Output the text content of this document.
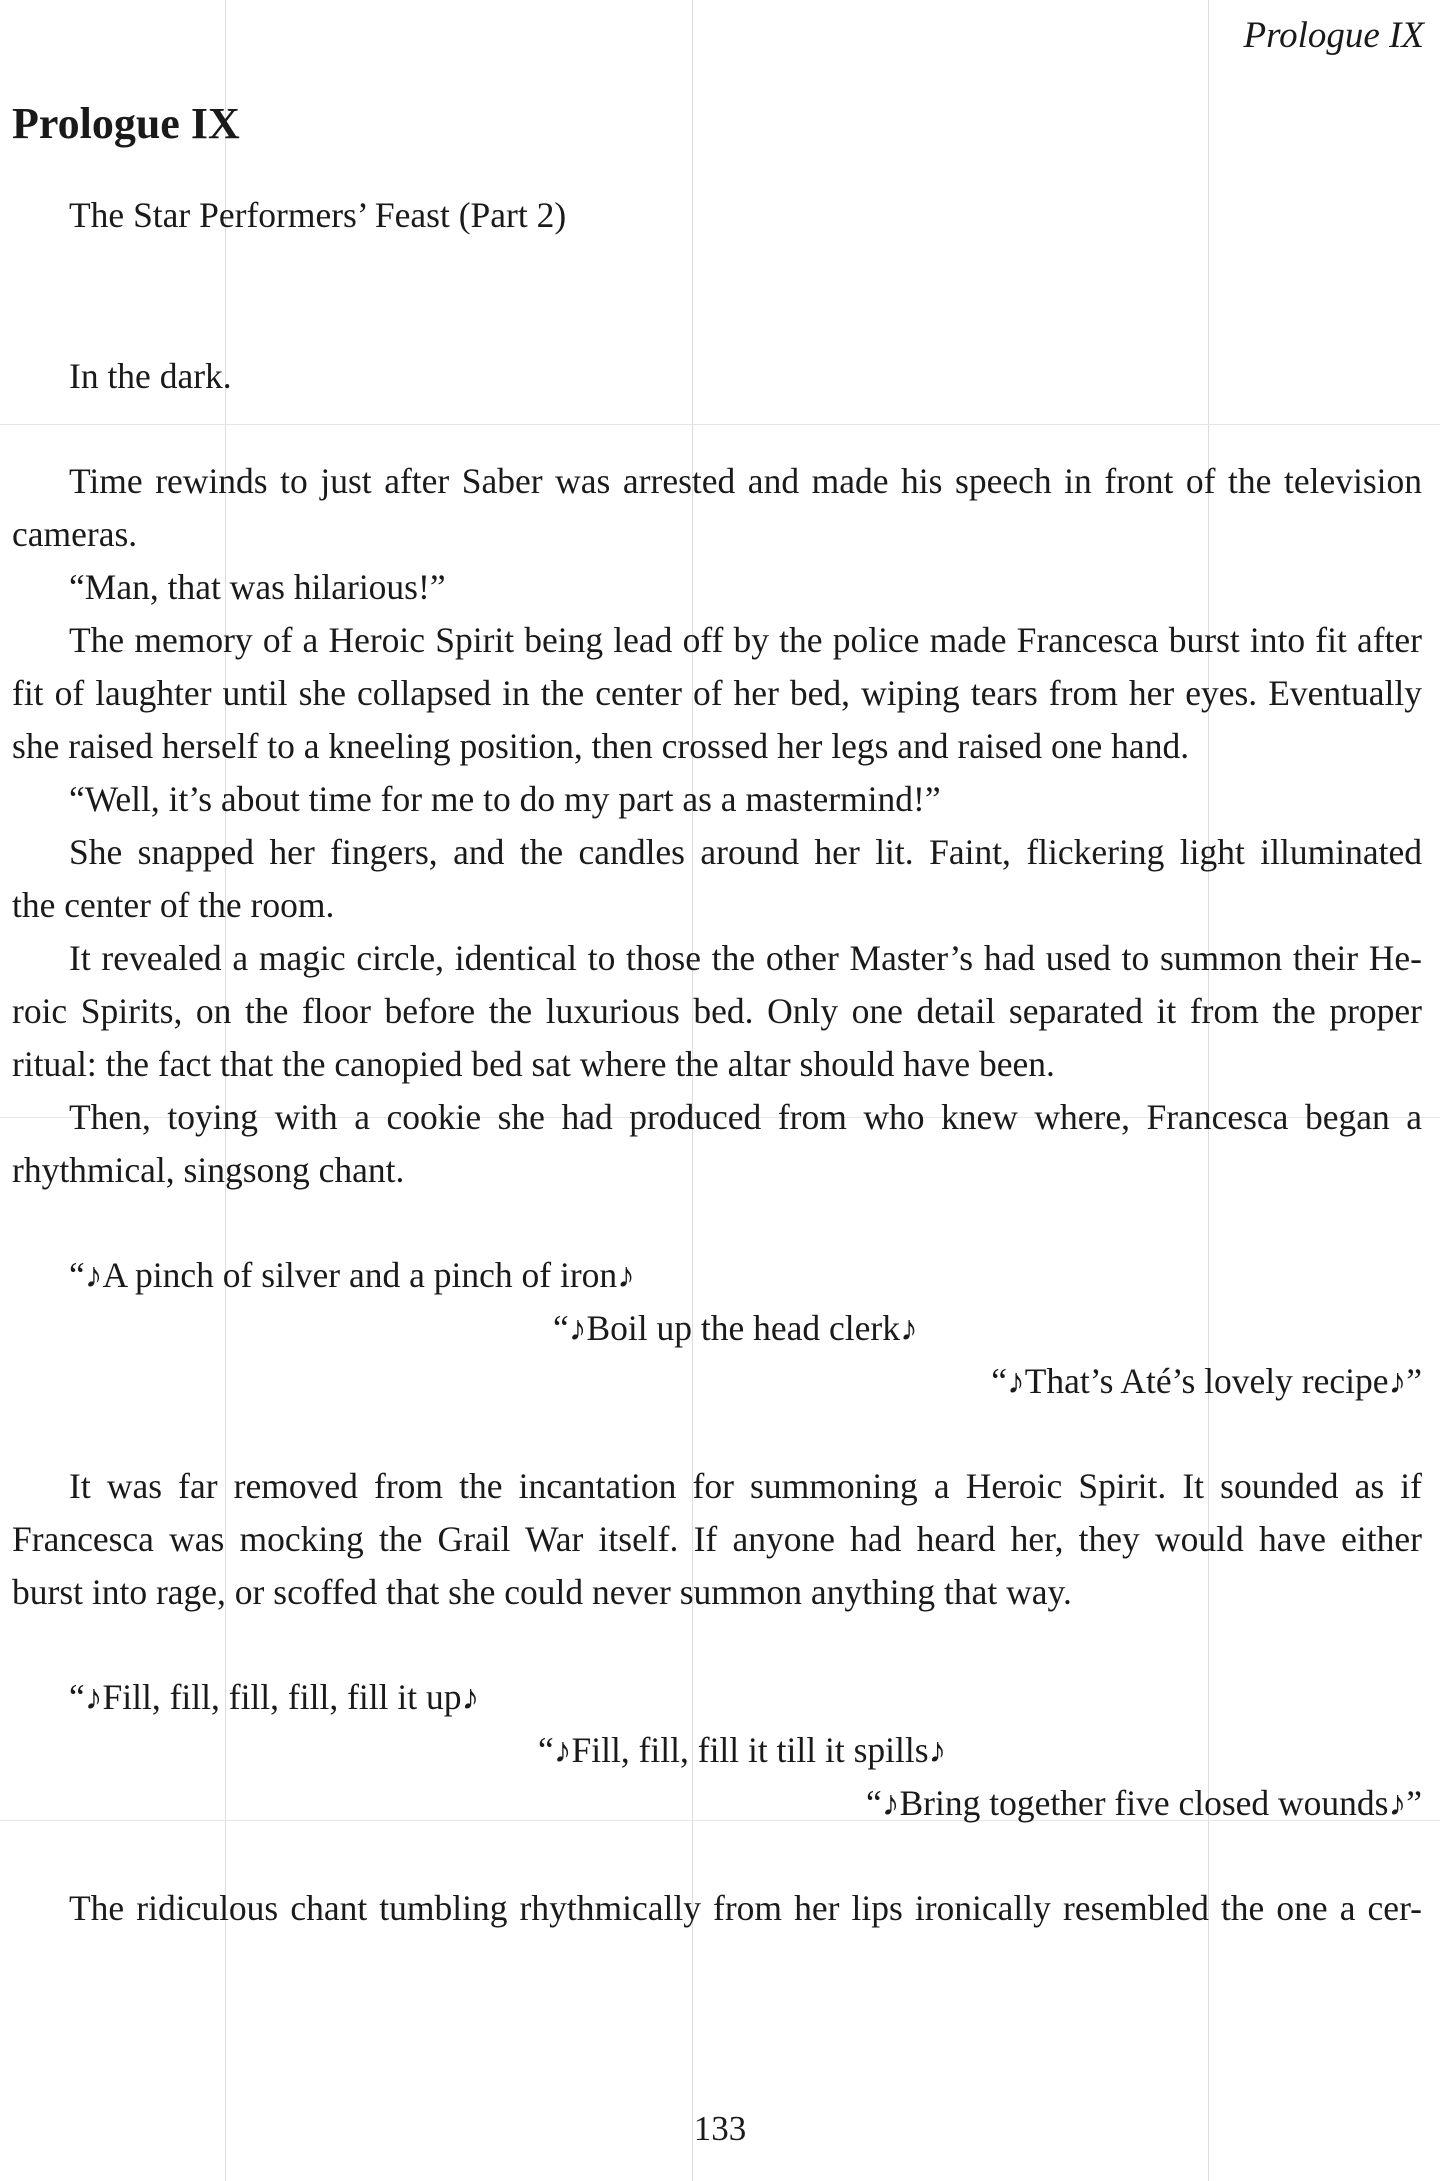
Prologue IX
Prologue IX
The Star Performers’ Feast (Part 2)

In the dark.

Time rewinds to just after Saber was arrested and made his speech in front of the television

cameras.

“Man, that was hilarious!”

The memory of a Heroic Spirit being lead off by the police made Francesca burst into fit after

fit of laughter until she collapsed in the center of her bed, wiping tears from her eyes. Eventually

she raised herself to a kneeling position, then crossed her legs and raised one hand.

“Well, it’s about time for me to do my part as a mastermind!”

She snapped her fingers, and the candles around her lit. Faint, flickering light illuminated

the center of the room.

It revealed a magic circle, identical to those the other Master’s had used to summon their He-

roic Spirits, on the floor before the luxurious bed. Only one detail separated it from the proper

ritual: the fact that the canopied bed sat where the altar should have been.

Then, toying with a cookie she had produced from who knew where, Francesca began a

rhythmical, singsong chant.

“♪A pinch of silver and a pinch of iron♪

“♪Boil up the head clerk♪

“♪That’s Até’s lovely recipe♪”

It was far removed from the incantation for summoning a Heroic Spirit. It sounded as if

Francesca was mocking the Grail War itself. If anyone had heard her, they would have either

burst into rage, or scoffed that she could never summon anything that way.

“♪Fill, fill, fill, fill, fill it up♪

“♪Fill, fill, fill it till it spills♪

“♪Bring together five closed wounds♪”

The ridiculous chant tumbling rhythmically from her lips ironically resembled the one a cer-

133
